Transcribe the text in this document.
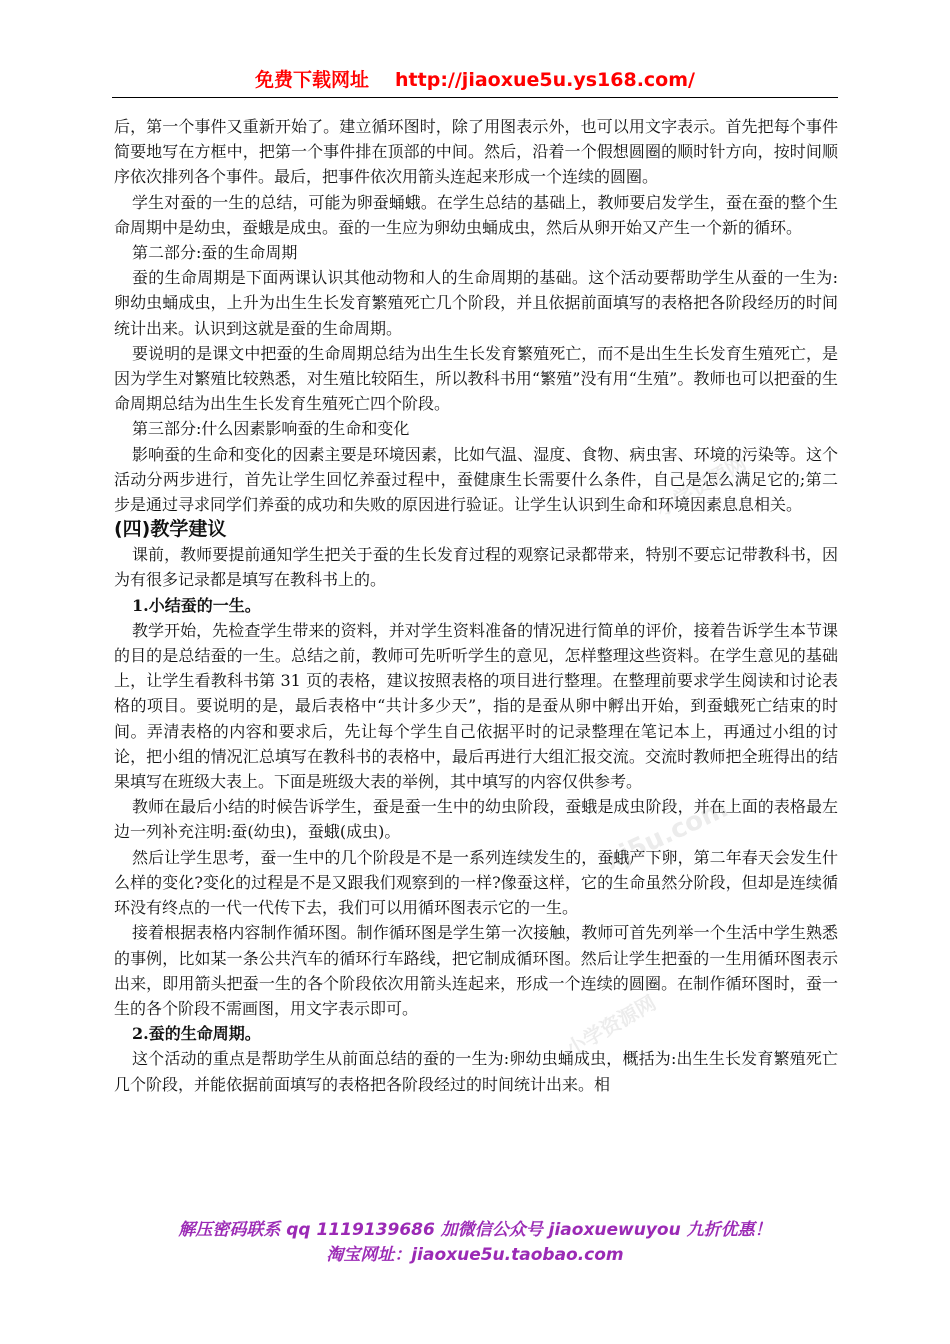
免费下载网址 http://jiaoxue5u.ys168.com/
小学资源网
xj5u.com
小学资源网

后，第一个事件又重新开始了。建立循环图时，除了用图表示外，也可以用文字表示。首先把每个事件简要地写在方框中，把第一个事件排在顶部的中间。然后，沿着一个假想圆圈的顺时针方向，按时间顺序依次排列各个事件。最后，把事件依次用箭头连起来形成一个连续的圆圈。

学生对蚕的一生的总结，可能为卵蚕蛹蛾。在学生总结的基础上，教师要启发学生，蚕在蚕的整个生命周期中是幼虫，蚕蛾是成虫。蚕的一生应为卵幼虫蛹成虫，然后从卵开始又产生一个新的循环。

第二部分:蚕的生命周期

蚕的生命周期是下面两课认识其他动物和人的生命周期的基础。这个活动要帮助学生从蚕的一生为:卵幼虫蛹成虫，上升为出生生长发育繁殖死亡几个阶段，并且依据前面填写的表格把各阶段经历的时间统计出来。认识到这就是蚕的生命周期。

要说明的是课文中把蚕的生命周期总结为出生生长发育繁殖死亡，而不是出生生长发育生殖死亡，是因为学生对繁殖比较熟悉，对生殖比较陌生，所以教科书用“繁殖”没有用“生殖”。教师也可以把蚕的生命周期总结为出生生长发育生殖死亡四个阶段。

第三部分:什么因素影响蚕的生命和变化

影响蚕的生命和变化的因素主要是环境因素，比如气温、湿度、食物、病虫害、环境的污染等。这个活动分两步进行，首先让学生回忆养蚕过程中，蚕健康生长需要什么条件，自己是怎么满足它的;第二步是通过寻求同学们养蚕的成功和失败的原因进行验证。让学生认识到生命和环境因素息息相关。

(四)教学建议

课前，教师要提前通知学生把关于蚕的生长发育过程的观察记录都带来，特别不要忘记带教科书，因为有很多记录都是填写在教科书上的。

1.小结蚕的一生。

教学开始，先检查学生带来的资料，并对学生资料准备的情况进行简单的评价，接着告诉学生本节课的目的是总结蚕的一生。总结之前，教师可先听听学生的意见，怎样整理这些资料。在学生意见的基础上，让学生看教科书第 31 页的表格，建议按照表格的项目进行整理。在整理前要求学生阅读和讨论表格的项目。要说明的是，最后表格中“共计多少天”，指的是蚕从卵中孵出开始，到蚕蛾死亡结束的时间。弄清表格的内容和要求后，先让每个学生自己依据平时的记录整理在笔记本上，再通过小组的讨论，把小组的情况汇总填写在教科书的表格中，最后再进行大组汇报交流。交流时教师把全班得出的结果填写在班级大表上。下面是班级大表的举例，其中填写的内容仅供参考。

教师在最后小结的时候告诉学生，蚕是蚕一生中的幼虫阶段，蚕蛾是成虫阶段，并在上面的表格最左边一列补充注明:蚕(幼虫)，蚕蛾(成虫)。

然后让学生思考，蚕一生中的几个阶段是不是一系列连续发生的，蚕蛾产下卵，第二年春天会发生什么样的变化?变化的过程是不是又跟我们观察到的一样?像蚕这样，它的生命虽然分阶段，但却是连续循环没有终点的一代一代传下去，我们可以用循环图表示它的一生。

接着根据表格内容制作循环图。制作循环图是学生第一次接触，教师可首先列举一个生活中学生熟悉的事例，比如某一条公共汽车的循环行车路线，把它制成循环图。然后让学生把蚕的一生用循环图表示出来，即用箭头把蚕一生的各个阶段依次用箭头连起来，形成一个连续的圆圈。在制作循环图时，蚕一生的各个阶段不需画图，用文字表示即可。

2.蚕的生命周期。

这个活动的重点是帮助学生从前面总结的蚕的一生为:卵幼虫蛹成虫，概括为:出生生长发育繁殖死亡几个阶段，并能依据前面填写的表格把各阶段经过的时间统计出来。相

解压密码联系 qq 1119139686 加微信公众号 jiaoxuewuyou 九折优惠！
淘宝网址：jiaoxue5u.taobao.com
